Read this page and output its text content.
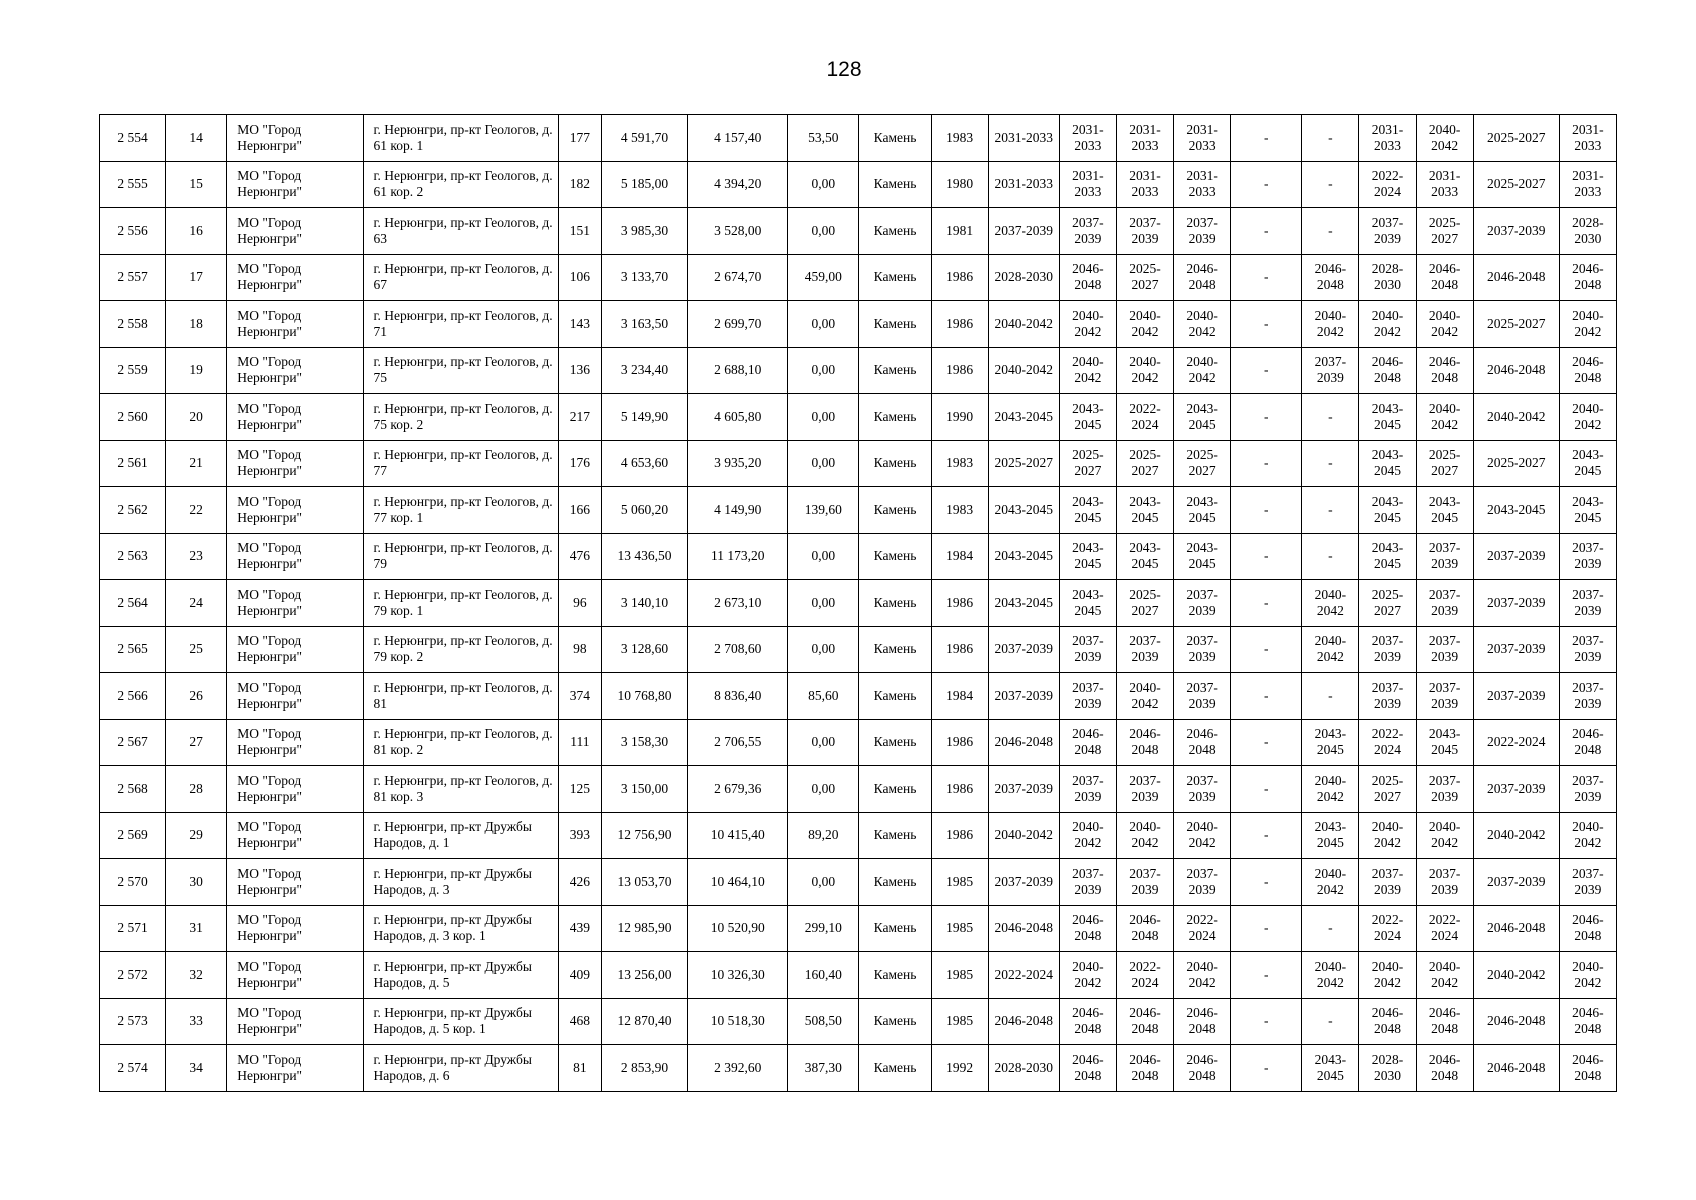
128
2 554	14	МО "Город Нерюнгри"	г. Нерюнгри, пр-кт Геологов, д. 61 кор. 1	177	4 591,70	4 157,40	53,50	Камень	1983	2031-2033	2031-2033	2031-2033	2031-2033	-	-	2031-2033	2040-2042	2025-2027	2031-2033
2 555	15	МО "Город Нерюнгри"	г. Нерюнгри, пр-кт Геологов, д. 61 кор. 2	182	5 185,00	4 394,20	0,00	Камень	1980	2031-2033	2031-2033	2031-2033	2031-2033	-	-	2022-2024	2031-2033	2025-2027	2031-2033
2 556	16	МО "Город Нерюнгри"	г. Нерюнгри, пр-кт Геологов, д. 63	151	3 985,30	3 528,00	0,00	Камень	1981	2037-2039	2037-2039	2037-2039	2037-2039	-	-	2037-2039	2025-2027	2037-2039	2028-2030
2 557	17	МО "Город Нерюнгри"	г. Нерюнгри, пр-кт Геологов, д. 67	106	3 133,70	2 674,70	459,00	Камень	1986	2028-2030	2046-2048	2025-2027	2046-2048	-	2046-2048	2028-2030	2046-2048	2046-2048	2046-2048
2 558	18	МО "Город Нерюнгри"	г. Нерюнгри, пр-кт Геологов, д. 71	143	3 163,50	2 699,70	0,00	Камень	1986	2040-2042	2040-2042	2040-2042	2040-2042	-	2040-2042	2040-2042	2040-2042	2025-2027	2040-2042
2 559	19	МО "Город Нерюнгри"	г. Нерюнгри, пр-кт Геологов, д. 75	136	3 234,40	2 688,10	0,00	Камень	1986	2040-2042	2040-2042	2040-2042	2040-2042	-	2037-2039	2046-2048	2046-2048	2046-2048	2046-2048
2 560	20	МО "Город Нерюнгри"	г. Нерюнгри, пр-кт Геологов, д. 75 кор. 2	217	5 149,90	4 605,80	0,00	Камень	1990	2043-2045	2043-2045	2022-2024	2043-2045	-	-	2043-2045	2040-2042	2040-2042	2040-2042
2 561	21	МО "Город Нерюнгри"	г. Нерюнгри, пр-кт Геологов, д. 77	176	4 653,60	3 935,20	0,00	Камень	1983	2025-2027	2025-2027	2025-2027	2025-2027	-	-	2043-2045	2025-2027	2025-2027	2043-2045
2 562	22	МО "Город Нерюнгри"	г. Нерюнгри, пр-кт Геологов, д. 77 кор. 1	166	5 060,20	4 149,90	139,60	Камень	1983	2043-2045	2043-2045	2043-2045	2043-2045	-	-	2043-2045	2043-2045	2043-2045	2043-2045
2 563	23	МО "Город Нерюнгри"	г. Нерюнгри, пр-кт Геологов, д. 79	476	13 436,50	11 173,20	0,00	Камень	1984	2043-2045	2043-2045	2043-2045	2043-2045	-	-	2043-2045	2037-2039	2037-2039	2037-2039
2 564	24	МО "Город Нерюнгри"	г. Нерюнгри, пр-кт Геологов, д. 79 кор. 1	96	3 140,10	2 673,10	0,00	Камень	1986	2043-2045	2043-2045	2025-2027	2037-2039	-	2040-2042	2025-2027	2037-2039	2037-2039	2037-2039
2 565	25	МО "Город Нерюнгри"	г. Нерюнгри, пр-кт Геологов, д. 79 кор. 2	98	3 128,60	2 708,60	0,00	Камень	1986	2037-2039	2037-2039	2037-2039	2037-2039	-	2040-2042	2037-2039	2037-2039	2037-2039	2037-2039
2 566	26	МО "Город Нерюнгри"	г. Нерюнгри, пр-кт Геологов, д. 81	374	10 768,80	8 836,40	85,60	Камень	1984	2037-2039	2037-2039	2040-2042	2037-2039	-	-	2037-2039	2037-2039	2037-2039	2037-2039
2 567	27	МО "Город Нерюнгри"	г. Нерюнгри, пр-кт Геологов, д. 81 кор. 2	111	3 158,30	2 706,55	0,00	Камень	1986	2046-2048	2046-2048	2046-2048	2046-2048	-	2043-2045	2022-2024	2043-2045	2022-2024	2046-2048
2 568	28	МО "Город Нерюнгри"	г. Нерюнгри, пр-кт Геологов, д. 81 кор. 3	125	3 150,00	2 679,36	0,00	Камень	1986	2037-2039	2037-2039	2037-2039	2037-2039	-	2040-2042	2025-2027	2037-2039	2037-2039	2037-2039
2 569	29	МО "Город Нерюнгри"	г. Нерюнгри, пр-кт Дружбы Народов, д. 1	393	12 756,90	10 415,40	89,20	Камень	1986	2040-2042	2040-2042	2040-2042	2040-2042	-	2043-2045	2040-2042	2040-2042	2040-2042	2040-2042
2 570	30	МО "Город Нерюнгри"	г. Нерюнгри, пр-кт Дружбы Народов, д. 3	426	13 053,70	10 464,10	0,00	Камень	1985	2037-2039	2037-2039	2037-2039	2037-2039	-	2040-2042	2037-2039	2037-2039	2037-2039	2037-2039
2 571	31	МО "Город Нерюнгри"	г. Нерюнгри, пр-кт Дружбы Народов, д. 3 кор. 1	439	12 985,90	10 520,90	299,10	Камень	1985	2046-2048	2046-2048	2046-2048	2022-2024	-	-	2022-2024	2022-2024	2046-2048	2046-2048
2 572	32	МО "Город Нерюнгри"	г. Нерюнгри, пр-кт Дружбы Народов, д. 5	409	13 256,00	10 326,30	160,40	Камень	1985	2022-2024	2040-2042	2022-2024	2040-2042	-	2040-2042	2040-2042	2040-2042	2040-2042	2040-2042
2 573	33	МО "Город Нерюнгри"	г. Нерюнгри, пр-кт Дружбы Народов, д. 5 кор. 1	468	12 870,40	10 518,30	508,50	Камень	1985	2046-2048	2046-2048	2046-2048	2046-2048	-	-	2046-2048	2046-2048	2046-2048	2046-2048
2 574	34	МО "Город Нерюнгри"	г. Нерюнгри, пр-кт Дружбы Народов, д. 6	81	2 853,90	2 392,60	387,30	Камень	1992	2028-2030	2046-2048	2046-2048	2046-2048	-	2043-2045	2028-2030	2046-2048	2046-2048	2046-2048
